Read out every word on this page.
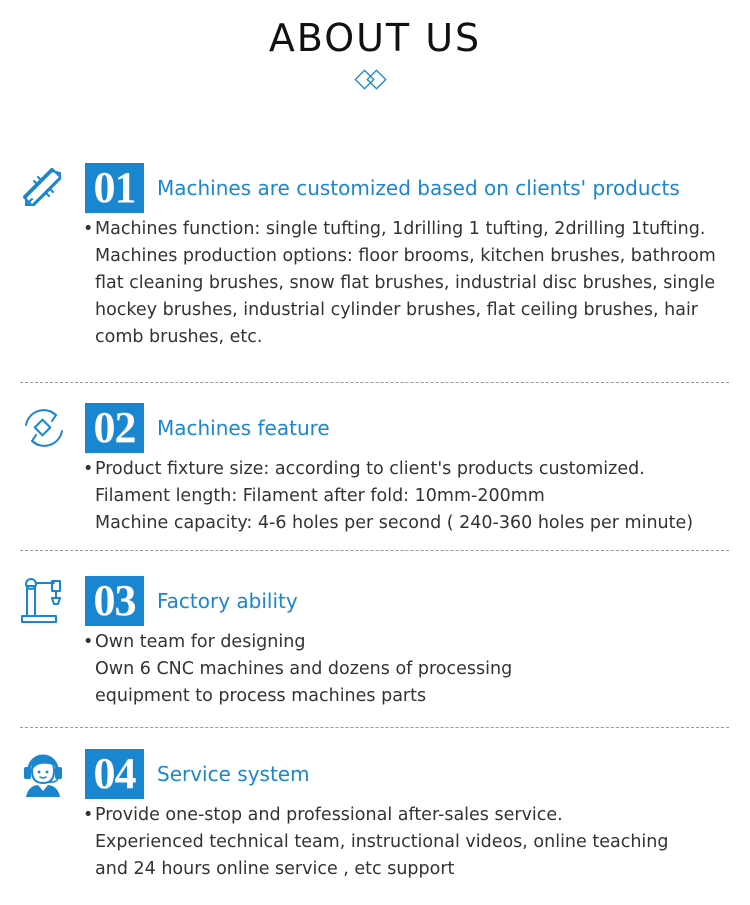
ABOUT US
01	Machines are customized based on clients' products
• Machines function: single tufting, 1drilling 1 tufting, 2drilling 1tufting.
Machines production options: floor brooms, kitchen brushes, bathroom
flat cleaning brushes, snow flat brushes, industrial disc brushes, single
hockey brushes, industrial cylinder brushes, flat ceiling brushes, hair
comb brushes, etc.
02	Machines feature
• Product fixture size: according to client's products customized.
Filament length: Filament after fold: 10mm-200mm
Machine capacity: 4-6 holes per second ( 240-360 holes per minute)
03	Factory ability
• Own team for designing
Own 6 CNC machines and dozens of processing
equipment to process machines parts
04	Service system
• Provide one-stop and professional after-sales service.
Experienced technical team, instructional videos, online teaching
and 24 hours online service , etc support
